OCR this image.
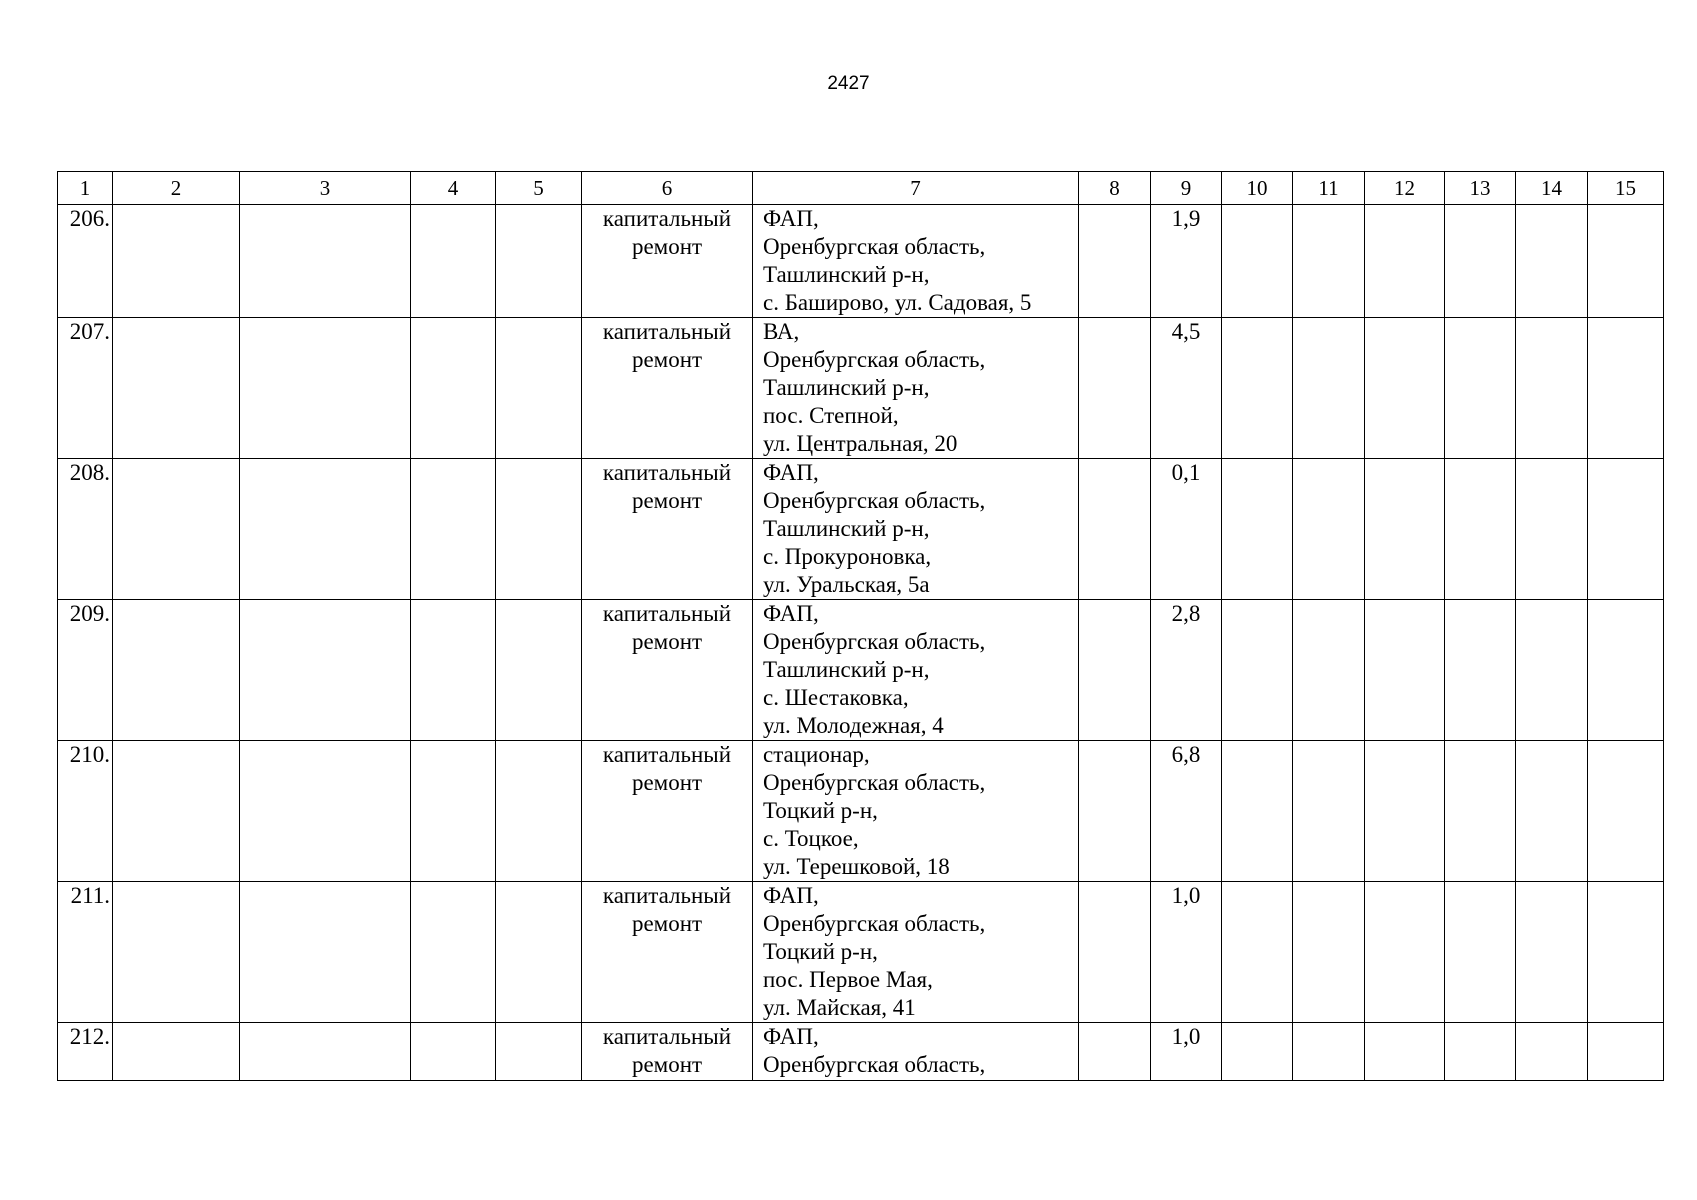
2427
1	2	3	4	5	6	7	8	9	10	11	12	13	14	15
206.					капитальный
ремонт	ФАП,
Оренбургская область,
Ташлинский р-н,
с. Баширово, ул. Садовая, 5		1,9						
207.					капитальный
ремонт	ВА,
Оренбургская область,
Ташлинский р-н,
пос. Степной,
ул. Центральная, 20		4,5						
208.					капитальный
ремонт	ФАП,
Оренбургская область,
Ташлинский р-н,
с. Прокуроновка,
ул. Уральская, 5а		0,1						
209.					капитальный
ремонт	ФАП,
Оренбургская область,
Ташлинский р-н,
с. Шестаковка,
ул. Молодежная, 4		2,8						
210.					капитальный
ремонт	стационар,
Оренбургская область,
Тоцкий р-н,
с. Тоцкое,
ул. Терешковой, 18		6,8						
211.					капитальный
ремонт	ФАП,
Оренбургская область,
Тоцкий р-н,
пос. Первое Мая,
ул. Майская, 41		1,0						
212.					капитальный
ремонт	ФАП,
Оренбургская область,		1,0						
